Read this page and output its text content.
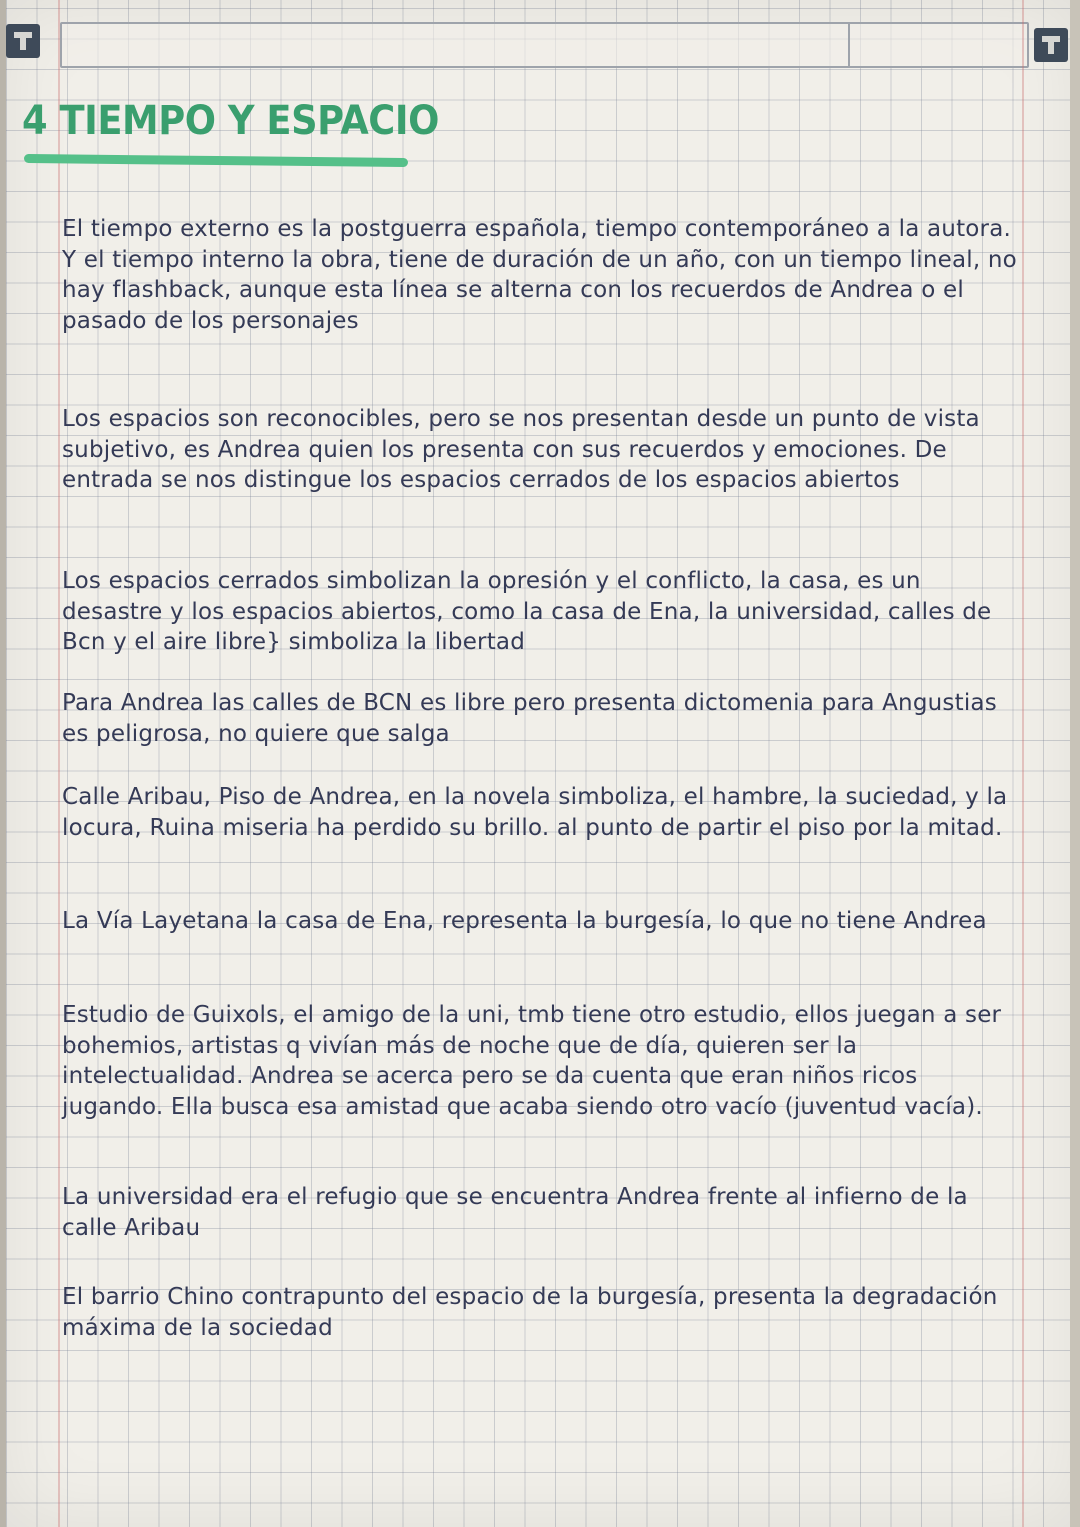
4 TIEMPO Y ESPACIO

El tiempo externo es la postguerra española, tiempo contemporáneo a la autora. Y el tiempo interno la obra, tiene de duración de un año, con un tiempo lineal, no hay flashback, aunque esta línea se alterna con los recuerdos de Andrea o el pasado de los personajes

Los espacios son reconocibles, pero se nos presentan desde un punto de vista subjetivo, es Andrea quien los presenta con sus recuerdos y emociones. De entrada se nos distingue los espacios cerrados de los espacios abiertos

Los espacios cerrados simbolizan la opresión y el conflicto, la casa, es un desastre y los espacios abiertos, como la casa de Ena, la universidad, calles de Bcn y el aire libre} simboliza la libertad

Para Andrea las calles de BCN es libre pero presenta dictomenia para Angustias es peligrosa, no quiere que salga

Calle Aribau, Piso de Andrea, en la novela simboliza, el hambre, la suciedad, y la locura, Ruina miseria ha perdido su brillo. al punto de partir el piso por la mitad.

La Vía Layetana la casa de Ena, representa la burgesía, lo que no tiene Andrea

Estudio de Guixols, el amigo de la uni, tmb tiene otro estudio, ellos juegan a ser bohemios, artistas q vivían más de noche que de día, quieren ser la intelectualidad. Andrea se acerca pero se da cuenta que eran niños ricos jugando. Ella busca esa amistad que acaba siendo otro vacío (juventud vacía).

La universidad era el refugio que se encuentra Andrea frente al infierno de la calle Aribau

El barrio Chino contrapunto del espacio de la burgesía, presenta la degradación máxima de la sociedad
